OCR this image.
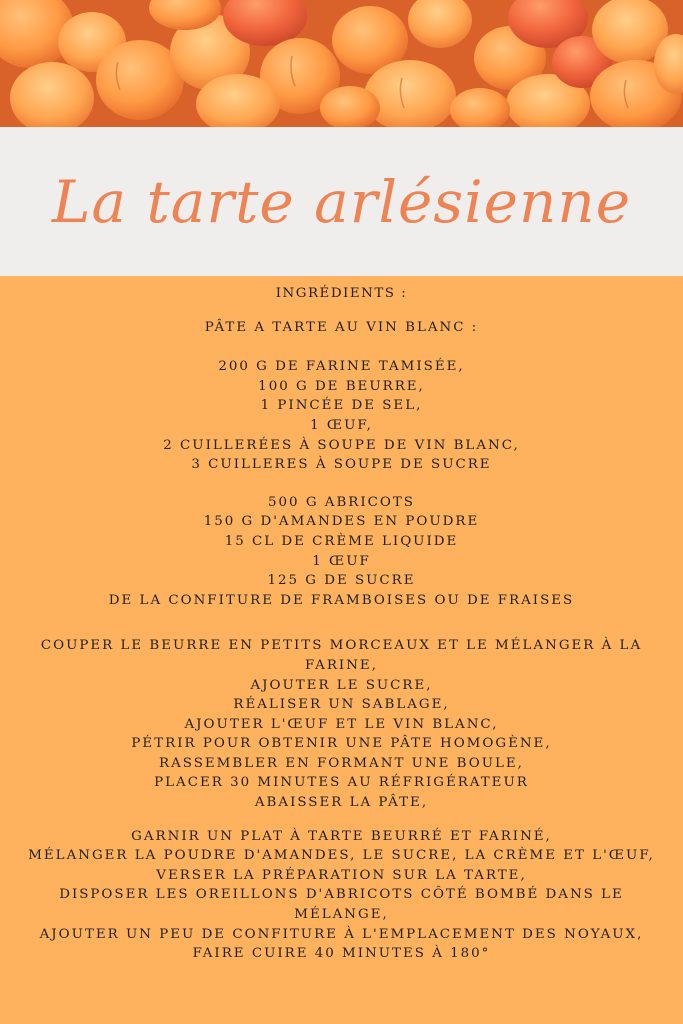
La tarte arlésienne

INGRÉDIENTS :

PÂTE A TARTE AU VIN BLANC :

200 G DE FARINE TAMISÉE,
100 G DE BEURRE,
1 PINCÉE DE SEL,
1 ŒUF,
2 CUILLERÉES À SOUPE DE VIN BLANC,
3 CUILLERES À SOUPE DE SUCRE
500 G ABRICOTS
150 G D'AMANDES EN POUDRE
15 CL DE CRÈME LIQUIDE
1 ŒUF
125 G DE SUCRE
DE LA CONFITURE DE FRAMBOISES OU DE FRAISES
COUPER LE BEURRE EN PETITS MORCEAUX ET LE MÉLANGER À LA FARINE,
AJOUTER LE SUCRE,
RÉALISER UN SABLAGE,
AJOUTER L'ŒUF ET LE VIN BLANC,
PÉTRIR POUR OBTENIR UNE PÂTE HOMOGÈNE,
RASSEMBLER EN FORMANT UNE BOULE,
PLACER 30 MINUTES AU RÉFRIGÉRATEUR
ABAISSER LA PÂTE,
GARNIR UN PLAT À TARTE BEURRÉ ET FARINÉ,
MÉLANGER LA POUDRE D'AMANDES, LE SUCRE, LA CRÈME ET L'ŒUF,
VERSER LA PRÉPARATION SUR LA TARTE,
DISPOSER LES OREILLONS D'ABRICOTS CÔTÉ BOMBÉ DANS LE MÉLANGE,
AJOUTER UN PEU DE CONFITURE À L'EMPLACEMENT DES NOYAUX,
FAIRE CUIRE 40 MINUTES À 180°
